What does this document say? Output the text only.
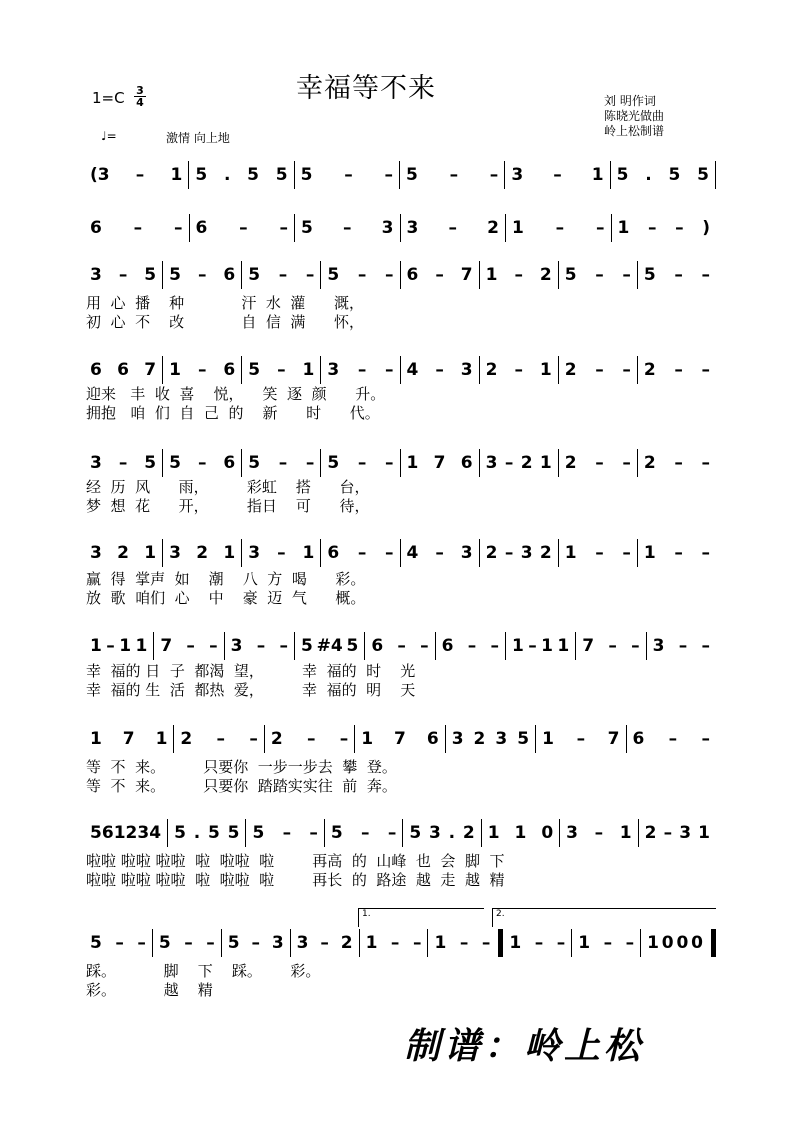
幸福等不来
1=C 3
4	刘 明作词
陈晓光做曲
岭上松制谱
♩=	激情 向上地
(3 – 1 5 . 5 5 5 – – 5 – – 3 – 1 5 . 5 5
6 – – 6 – – 5 – 3 3 – 2 1 – – 1 – – )
3 – 5 5 – 6 5 – – 5 – – 6 – 7 1 – 2 5 – – 5 – –
6 6 7 1 – 6 5 – 1 3 – – 4 – 3 2 – 1 2 – – 2 – –
3 – 5 5 – 6 5 – – 5 – – 1 7 6 3 – 2 1 2 – – 2 – –
3 2 1 3 2 1 3 – 1 6 – – 4 – 3 2 – 3 2 1 – – 1 – –
1 – 1 1 7 – – 3 – – 5 #4 5 6 – – 6 – – 1 – 1 1 7 – – 3 – –
1 7 1 2 – – 2 – – 1 7 6 3 2 3 5 1 – 7 6 – –
5 6 1 2 3 4 5 . 5 5 5 – – 5 – – 5 3 . 2 1 1 0 3 – 1 2 – 3 1
5 – – 5 – – 5 – 3 3 – 2 1 – – 1 – – 1 – – 1 – – 1 0 0 0
用  心  播    种            汗  水  灌      溉，
初  心  不    改            自  信  满      怀，
迎来   丰  收  喜    悦，    笑  逐  颜      升。
拥抱   咱  们  自  己  的    新      时      代。
经  历  风      雨，        彩虹    搭      台，
梦  想  花      开，        指日    可      待，
赢  得  掌声  如    潮    八  方  喝      彩。
放  歌  咱们  心    中    豪  迈  气      概。
幸  福的 日  子  都渴  望，        幸  福的  时    光
幸  福的 生  活  都热  爱，        幸  福的  明    天
等  不  来。        只要你  一步一步去  攀  登。
等  不  来。        只要你  踏踏实实往  前  奔。
啦啦 啦啦 啦啦  啦  啦啦  啦        再高  的  山峰  也  会  脚  下
啦啦 啦啦 啦啦  啦  啦啦  啦        再长  的  路途  越  走  越  精
踩。          脚    下    踩。      彩。
彩。          越    精
1.	2.
制谱：岭上松
